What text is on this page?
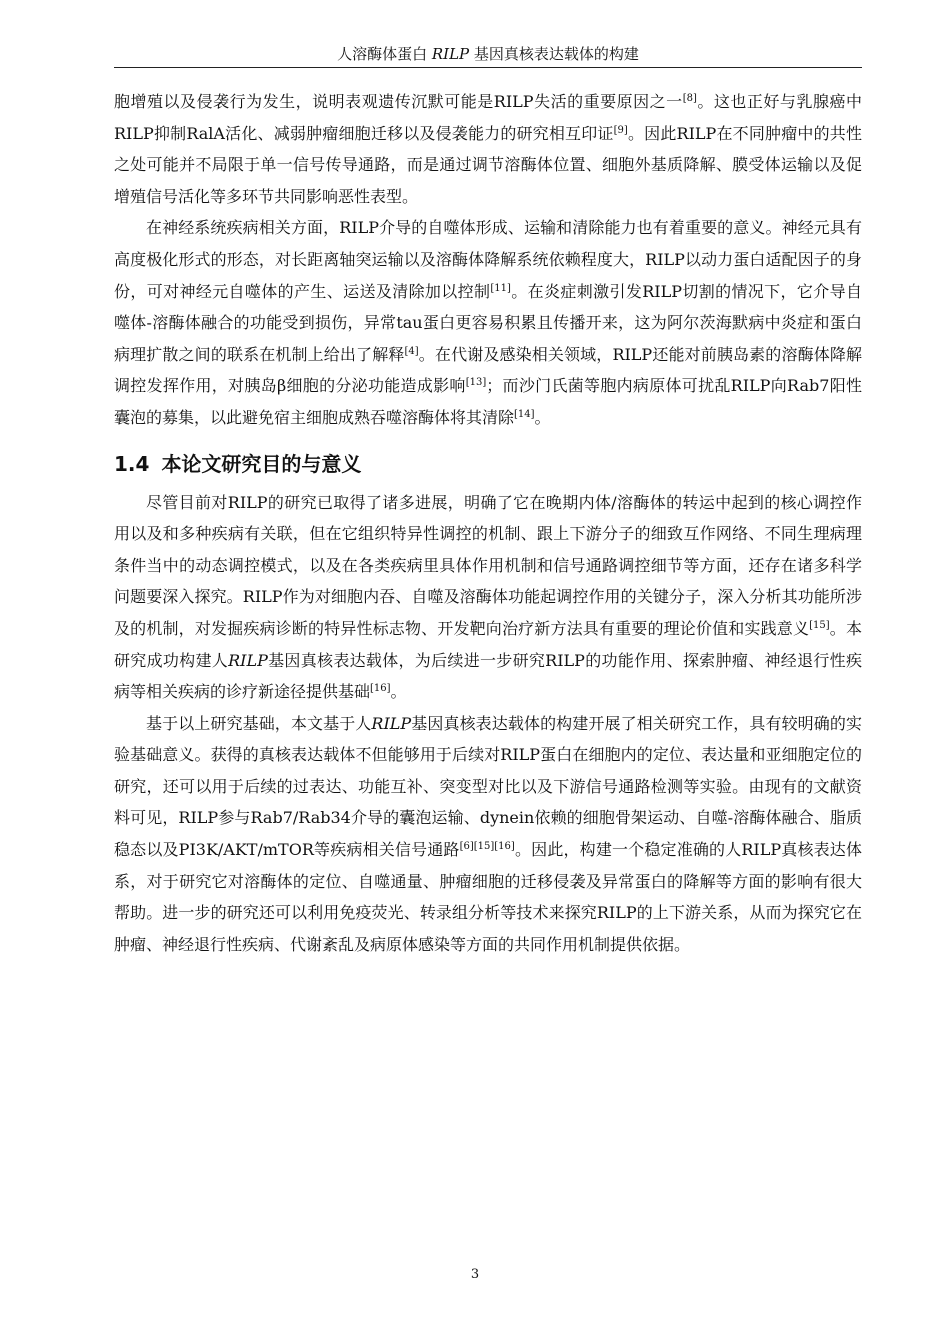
人溶酶体蛋白 RILP 基因真核表达载体的构建

胞增殖以及侵袭行为发生，说明表观遗传沉默可能是RILP失活的重要原因之一[8]。这也正好与乳腺癌中RILP抑制RalA活化、减弱肿瘤细胞迁移以及侵袭能力的研究相互印证[9]。因此RILP在不同肿瘤中的共性之处可能并不局限于单一信号传导通路，而是通过调节溶酶体位置、细胞外基质降解、膜受体运输以及促增殖信号活化等多环节共同影响恶性表型。

在神经系统疾病相关方面，RILP介导的自噬体形成、运输和清除能力也有着重要的意义。神经元具有高度极化形式的形态，对长距离轴突运输以及溶酶体降解系统依赖程度大，RILP以动力蛋白适配因子的身份，可对神经元自噬体的产生、运送及清除加以控制[11]。在炎症刺激引发RILP切割的情况下，它介导自噬体-溶酶体融合的功能受到损伤，异常tau蛋白更容易积累且传播开来，这为阿尔茨海默病中炎症和蛋白病理扩散之间的联系在机制上给出了解释[4]。在代谢及感染相关领域，RILP还能对前胰岛素的溶酶体降解调控发挥作用，对胰岛β细胞的分泌功能造成影响[13]；而沙门氏菌等胞内病原体可扰乱RILP向Rab7阳性囊泡的募集，以此避免宿主细胞成熟吞噬溶酶体将其清除[14]。

1.4 本论文研究目的与意义

尽管目前对RILP的研究已取得了诸多进展，明确了它在晚期内体/溶酶体的转运中起到的核心调控作用以及和多种疾病有关联，但在它组织特异性调控的机制、跟上下游分子的细致互作网络、不同生理病理条件当中的动态调控模式，以及在各类疾病里具体作用机制和信号通路调控细节等方面，还存在诸多科学问题要深入探究。RILP作为对细胞内吞、自噬及溶酶体功能起调控作用的关键分子，深入分析其功能所涉及的机制，对发掘疾病诊断的特异性标志物、开发靶向治疗新方法具有重要的理论价值和实践意义[15]。本研究成功构建人RILP基因真核表达载体，为后续进一步研究RILP的功能作用、探索肿瘤、神经退行性疾病等相关疾病的诊疗新途径提供基础[16]。

基于以上研究基础，本文基于人RILP基因真核表达载体的构建开展了相关研究工作，具有较明确的实验基础意义。获得的真核表达载体不但能够用于后续对RILP蛋白在细胞内的定位、表达量和亚细胞定位的研究，还可以用于后续的过表达、功能互补、突变型对比以及下游信号通路检测等实验。由现有的文献资料可见，RILP参与Rab7/Rab34介导的囊泡运输、dynein依赖的细胞骨架运动、自噬-溶酶体融合、脂质稳态以及PI3K/AKT/mTOR等疾病相关信号通路[6][15][16]。因此，构建一个稳定准确的人RILP真核表达体系，对于研究它对溶酶体的定位、自噬通量、肿瘤细胞的迁移侵袭及异常蛋白的降解等方面的影响有很大帮助。进一步的研究还可以利用免疫荧光、转录组分析等技术来探究RILP的上下游关系，从而为探究它在肿瘤、神经退行性疾病、代谢紊乱及病原体感染等方面的共同作用机制提供依据。

3
